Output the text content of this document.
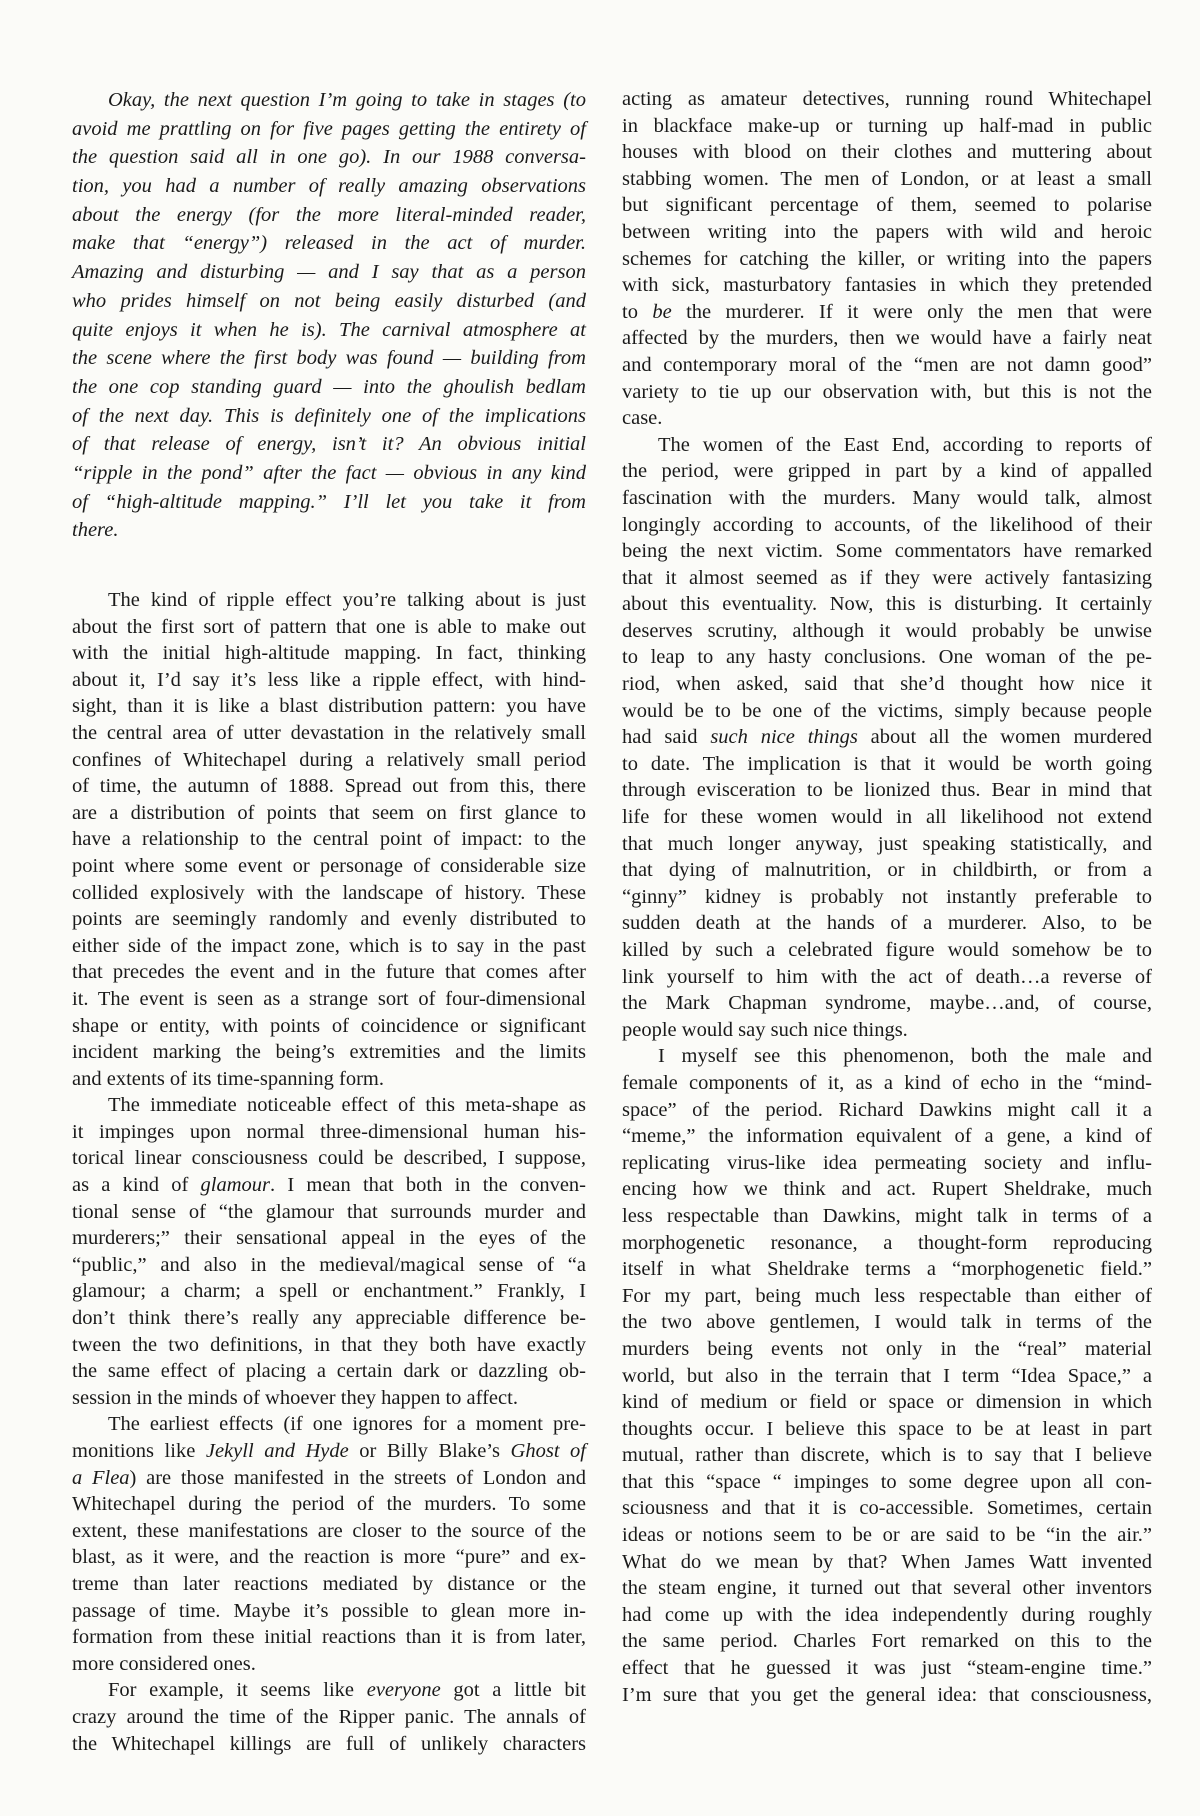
Okay, the next question I’m going to take in stages (to
avoid me prattling on for five pages getting the entirety of
the question said all in one go). In our 1988 conversa-
tion, you had a number of really amazing observations
about the energy (for the more literal-minded reader,
make that “energy”) released in the act of murder.
Amazing and disturbing — and I say that as a person
who prides himself on not being easily disturbed (and
quite enjoys it when he is). The carnival atmosphere at
the scene where the first body was found — building from
the one cop standing guard — into the ghoulish bedlam
of the next day. This is definitely one of the implications
of that release of energy, isn’t it? An obvious initial
“ripple in the pond” after the fact — obvious in any kind
of “high-altitude mapping.” I’ll let you take it from
there.
The kind of ripple effect you’re talking about is just
about the first sort of pattern that one is able to make out
with the initial high-altitude mapping. In fact, thinking
about it, I’d say it’s less like a ripple effect, with hind-
sight, than it is like a blast distribution pattern: you have
the central area of utter devastation in the relatively small
confines of Whitechapel during a relatively small period
of time, the autumn of 1888. Spread out from this, there
are a distribution of points that seem on first glance to
have a relationship to the central point of impact: to the
point where some event or personage of considerable size
collided explosively with the landscape of history. These
points are seemingly randomly and evenly distributed to
either side of the impact zone, which is to say in the past
that precedes the event and in the future that comes after
it. The event is seen as a strange sort of four-dimensional
shape or entity, with points of coincidence or significant
incident marking the being’s extremities and the limits
and extents of its time-spanning form.
The immediate noticeable effect of this meta-shape as
it impinges upon normal three-dimensional human his-
torical linear consciousness could be described, I suppose,
as a kind of glamour. I mean that both in the conven-
tional sense of “the glamour that surrounds murder and
murderers;” their sensational appeal in the eyes of the
“public,” and also in the medieval/magical sense of “a
glamour; a charm; a spell or enchantment.” Frankly, I
don’t think there’s really any appreciable difference be-
tween the two definitions, in that they both have exactly
the same effect of placing a certain dark or dazzling ob-
session in the minds of whoever they happen to affect.
The earliest effects (if one ignores for a moment pre-
monitions like Jekyll and Hyde or Billy Blake’s Ghost of
a Flea) are those manifested in the streets of London and
Whitechapel during the period of the murders. To some
extent, these manifestations are closer to the source of the
blast, as it were, and the reaction is more “pure” and ex-
treme than later reactions mediated by distance or the
passage of time. Maybe it’s possible to glean more in-
formation from these initial reactions than it is from later,
more considered ones.
For example, it seems like everyone got a little bit
crazy around the time of the Ripper panic. The annals of
the Whitechapel killings are full of unlikely characters
acting as amateur detectives, running round Whitechapel
in blackface make-up or turning up half-mad in public
houses with blood on their clothes and muttering about
stabbing women. The men of London, or at least a small
but significant percentage of them, seemed to polarise
between writing into the papers with wild and heroic
schemes for catching the killer, or writing into the papers
with sick, masturbatory fantasies in which they pretended
to be the murderer. If it were only the men that were
affected by the murders, then we would have a fairly neat
and contemporary moral of the “men are not damn good”
variety to tie up our observation with, but this is not the
case.
The women of the East End, according to reports of
the period, were gripped in part by a kind of appalled
fascination with the murders. Many would talk, almost
longingly according to accounts, of the likelihood of their
being the next victim. Some commentators have remarked
that it almost seemed as if they were actively fantasizing
about this eventuality. Now, this is disturbing. It certainly
deserves scrutiny, although it would probably be unwise
to leap to any hasty conclusions. One woman of the pe-
riod, when asked, said that she’d thought how nice it
would be to be one of the victims, simply because people
had said such nice things about all the women murdered
to date. The implication is that it would be worth going
through evisceration to be lionized thus. Bear in mind that
life for these women would in all likelihood not extend
that much longer anyway, just speaking statistically, and
that dying of malnutrition, or in childbirth, or from a
“ginny” kidney is probably not instantly preferable to
sudden death at the hands of a murderer. Also, to be
killed by such a celebrated figure would somehow be to
link yourself to him with the act of death…a reverse of
the Mark Chapman syndrome, maybe…and, of course,
people would say such nice things.
I myself see this phenomenon, both the male and
female components of it, as a kind of echo in the “mind-
space” of the period. Richard Dawkins might call it a
“meme,” the information equivalent of a gene, a kind of
replicating virus-like idea permeating society and influ-
encing how we think and act. Rupert Sheldrake, much
less respectable than Dawkins, might talk in terms of a
morphogenetic resonance, a thought-form reproducing
itself in what Sheldrake terms a “morphogenetic field.”
For my part, being much less respectable than either of
the two above gentlemen, I would talk in terms of the
murders being events not only in the “real” material
world, but also in the terrain that I term “Idea Space,” a
kind of medium or field or space or dimension in which
thoughts occur. I believe this space to be at least in part
mutual, rather than discrete, which is to say that I believe
that this “space “ impinges to some degree upon all con-
sciousness and that it is co-accessible. Sometimes, certain
ideas or notions seem to be or are said to be “in the air.”
What do we mean by that? When James Watt invented
the steam engine, it turned out that several other inventors
had come up with the idea independently during roughly
the same period. Charles Fort remarked on this to the
effect that he guessed it was just “steam-engine time.”
I’m sure that you get the general idea: that consciousness,
